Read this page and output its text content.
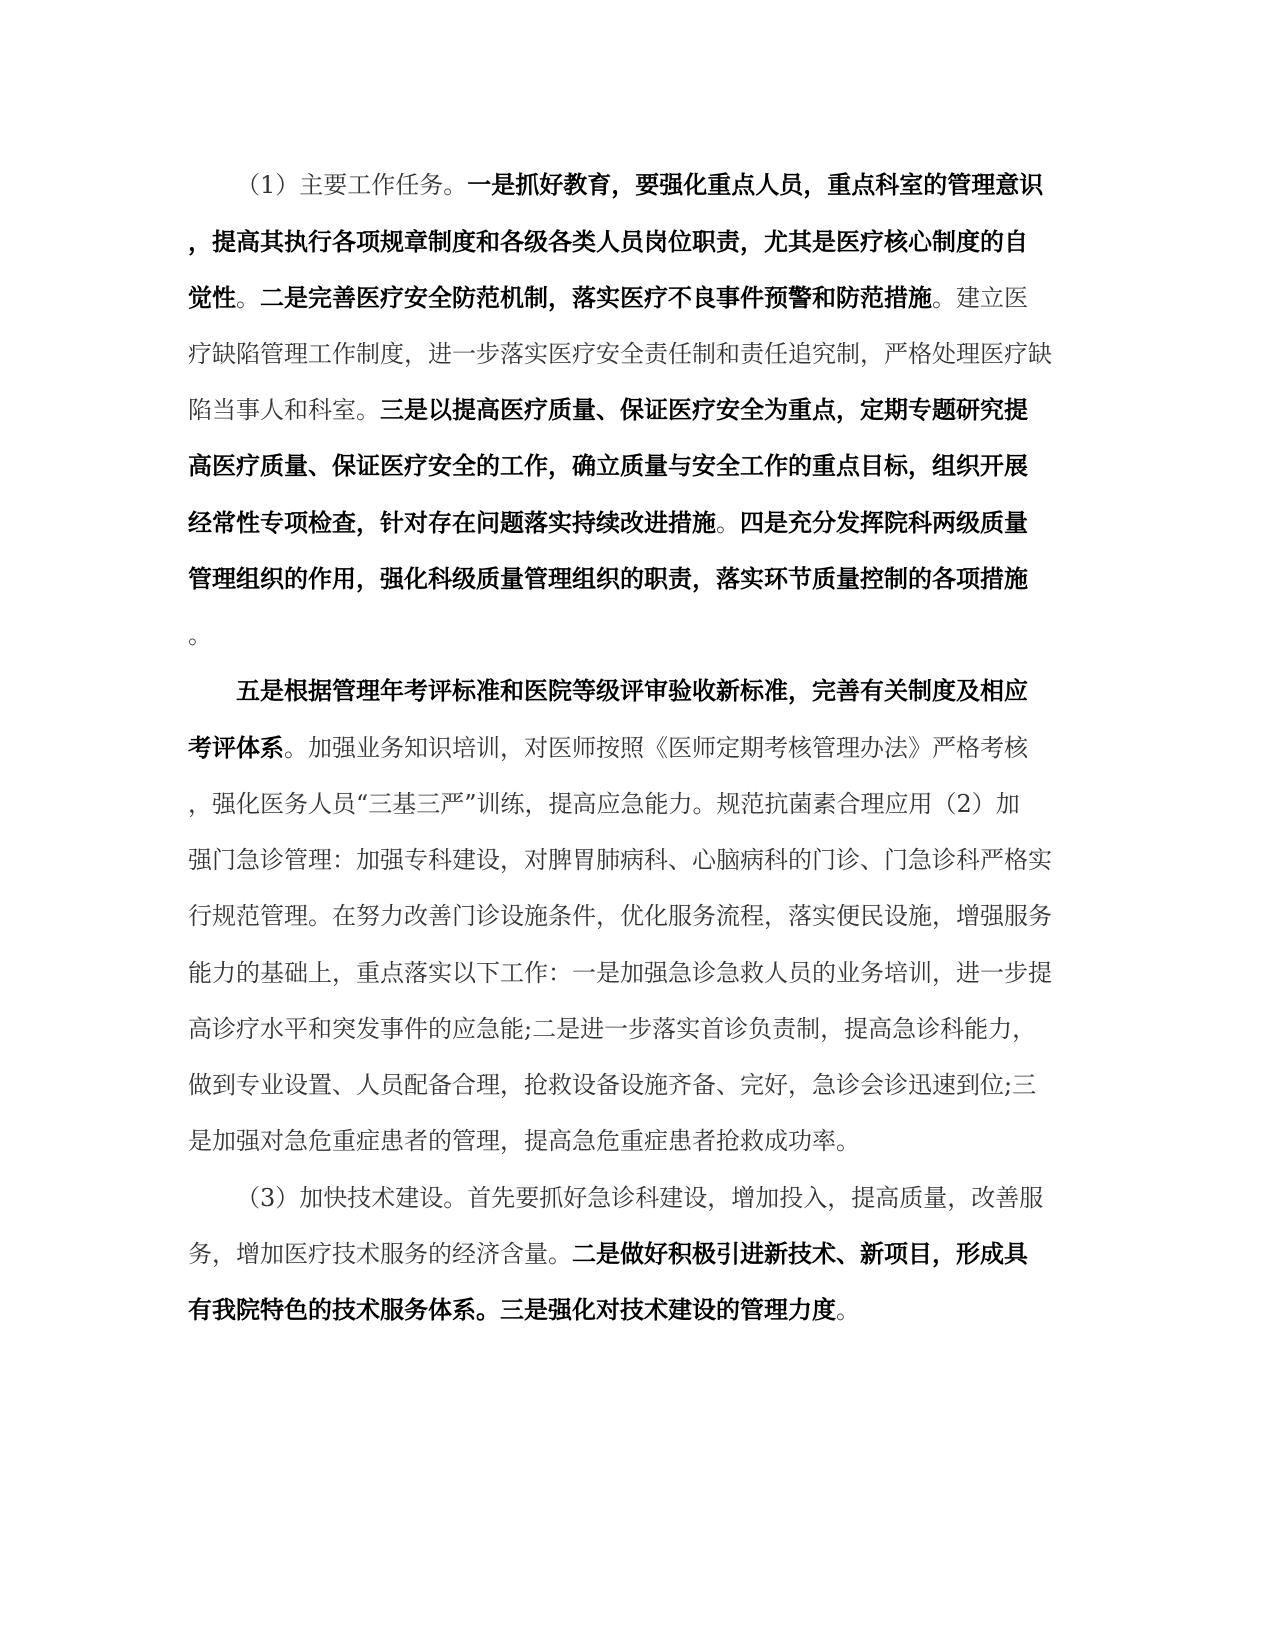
（1）主要工作任务。一是抓好教育，要强化重点人员，重点科室的管理意识
，提高其执行各项规章制度和各级各类人员岗位职责，尤其是医疗核心制度的自
觉性。二是完善医疗安全防范机制，落实医疗不良事件预警和防范措施。建立医
疗缺陷管理工作制度，进一步落实医疗安全责任制和责任追究制，严格处理医疗缺
陷当事人和科室。三是以提高医疗质量、保证医疗安全为重点，定期专题研究提
高医疗质量、保证医疗安全的工作，确立质量与安全工作的重点目标，组织开展
经常性专项检查，针对存在问题落实持续改进措施。四是充分发挥院科两级质量
管理组织的作用，强化科级质量管理组织的职责，落实环节质量控制的各项措施
。
五是根据管理年考评标准和医院等级评审验收新标准，完善有关制度及相应
考评体系。加强业务知识培训，对医师按照《医师定期考核管理办法》严格考核
，强化医务人员“三基三严”训练，提高应急能力。规范抗菌素合理应用（2）加
强门急诊管理：加强专科建设，对脾胃肺病科、心脑病科的门诊、门急诊科严格实
行规范管理。在努力改善门诊设施条件，优化服务流程，落实便民设施，增强服务
能力的基础上，重点落实以下工作：一是加强急诊急救人员的业务培训，进一步提
高诊疗水平和突发事件的应急能;二是进一步落实首诊负责制，提高急诊科能力，
做到专业设置、人员配备合理，抢救设备设施齐备、完好，急诊会诊迅速到位;三
是加强对急危重症患者的管理，提高急危重症患者抢救成功率。
（3）加快技术建设。首先要抓好急诊科建设，增加投入，提高质量，改善服
务，增加医疗技术服务的经济含量。二是做好积极引进新技术、新项目，形成具
有我院特色的技术服务体系。三是强化对技术建设的管理力度。
